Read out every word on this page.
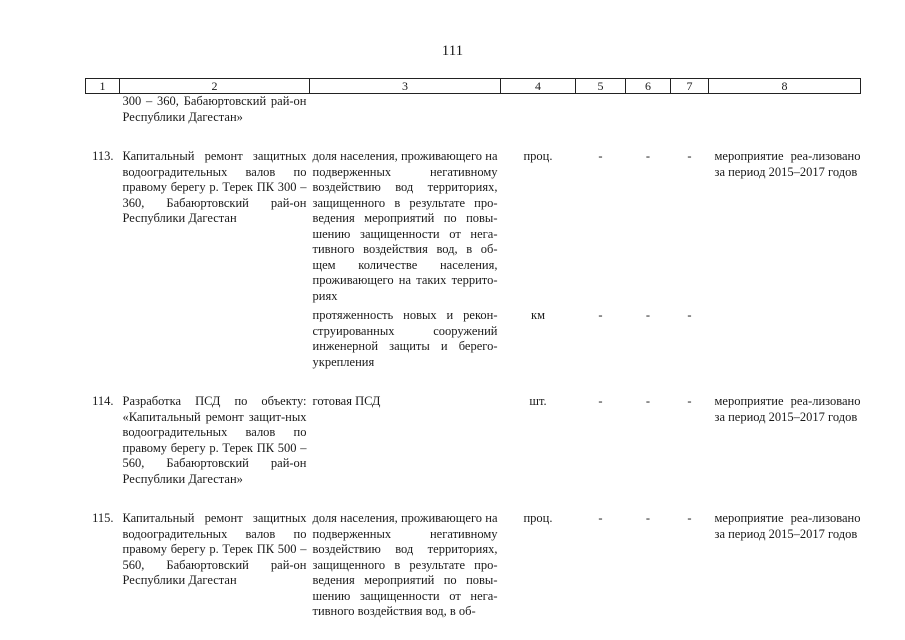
111
1	2	3	4	5	6	7	8
	300 – 360, Бабаюртовский рай-он Республики Дагестан»						

113.	Капитальный ремонт защитных водооградительных валов по правому берегу р. Терек ПК 300 – 360, Бабаюртовский рай-он Республики Дагестан	доля населения, проживающего на подверженных негативному воздействию вод территориях, защищенного в результате про-ведения мероприятий по повы-шению защищенности от нега-тивного воздействия вод, в об-щем количестве населения, проживающего на таких террито-риях	проц.	-	-	-	мероприятие реа-лизовано за период 2015–2017 годов

		протяженность новых и рекон-струированных сооружений инженерной защиты и берего-укрепления	км	-	-	-	

114.	Разработка ПСД по объекту: «Капитальный ремонт защит-ных водооградительных валов по правому берегу р. Терек ПК 500 – 560, Бабаюртовский рай-он Республики Дагестан»	готовая ПСД	шт.	-	-	-	мероприятие реа-лизовано за период 2015–2017 годов

115.	Капитальный ремонт защитных водооградительных валов по правому берегу р. Терек ПК 500 – 560, Бабаюртовский рай-он Республики Дагестан	доля населения, проживающего на подверженных негативному воздействию вод территориях, защищенного в результате про-ведения мероприятий по повы-шению защищенности от нега-тивного воздействия вод, в об-	проц.	-	-	-	мероприятие реа-лизовано за период 2015–2017 годов
